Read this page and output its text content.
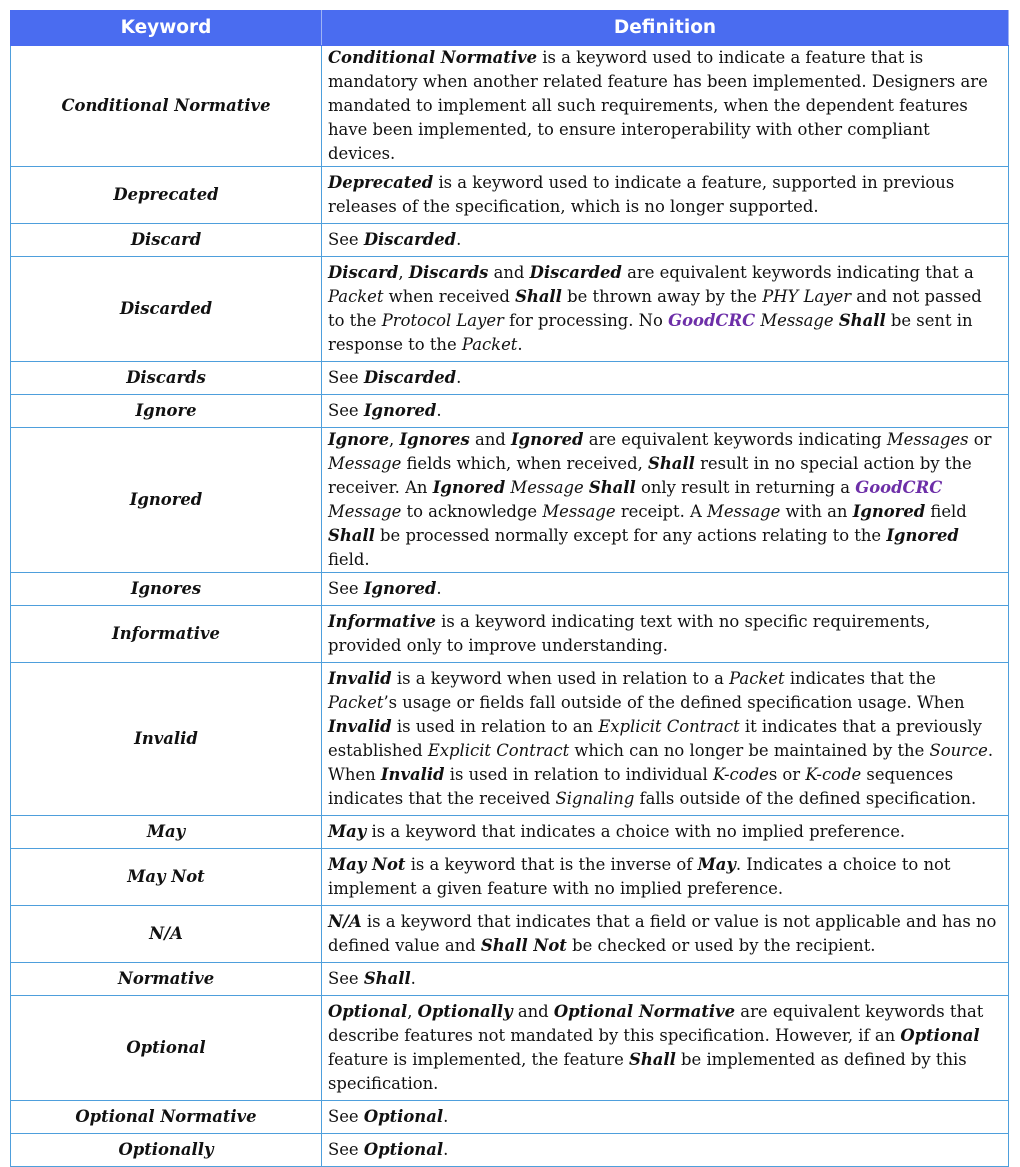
Keyword	Definition
Conditional Normative	Conditional Normative is a keyword used to indicate a feature that is mandatory when another related feature has been implemented. Designers are mandated to implement all such requirements, when the dependent features have been implemented, to ensure interoperability with other compliant devices.
Deprecated	Deprecated is a keyword used to indicate a feature, supported in previous releases of the specification, which is no longer supported.
Discard	See Discarded.
Discarded	Discard, Discards and Discarded are equivalent keywords indicating that a Packet when received Shall be thrown away by the PHY Layer and not passed to the Protocol Layer for processing. No GoodCRC Message Shall be sent in response to the Packet.
Discards	See Discarded.
Ignore	See Ignored.
Ignored	Ignore, Ignores and Ignored are equivalent keywords indicating Messages or Message fields which, when received, Shall result in no special action by the receiver. An Ignored Message Shall only result in returning a GoodCRC Message to acknowledge Message receipt. A Message with an Ignored field Shall be processed normally except for any actions relating to the Ignored field.
Ignores	See Ignored.
Informative	Informative is a keyword indicating text with no specific requirements, provided only to improve understanding.
Invalid	Invalid is a keyword when used in relation to a Packet indicates that the Packet’s usage or fields fall outside of the defined specification usage. When Invalid is used in relation to an Explicit Contract it indicates that a previously established Explicit Contract which can no longer be maintained by the Source. When Invalid is used in relation to individual K-codes or K-code sequences indicates that the received Signaling falls outside of the defined specification.
May	May is a keyword that indicates a choice with no implied preference.
May Not	May Not is a keyword that is the inverse of May. Indicates a choice to not implement a given feature with no implied preference.
N/A	N/A is a keyword that indicates that a field or value is not applicable and has no defined value and Shall Not be checked or used by the recipient.
Normative	See Shall.
Optional	Optional, Optionally and Optional Normative are equivalent keywords that describe features not mandated by this specification. However, if an Optional feature is implemented, the feature Shall be implemented as defined by this specification.
Optional Normative	See Optional.
Optionally	See Optional.
